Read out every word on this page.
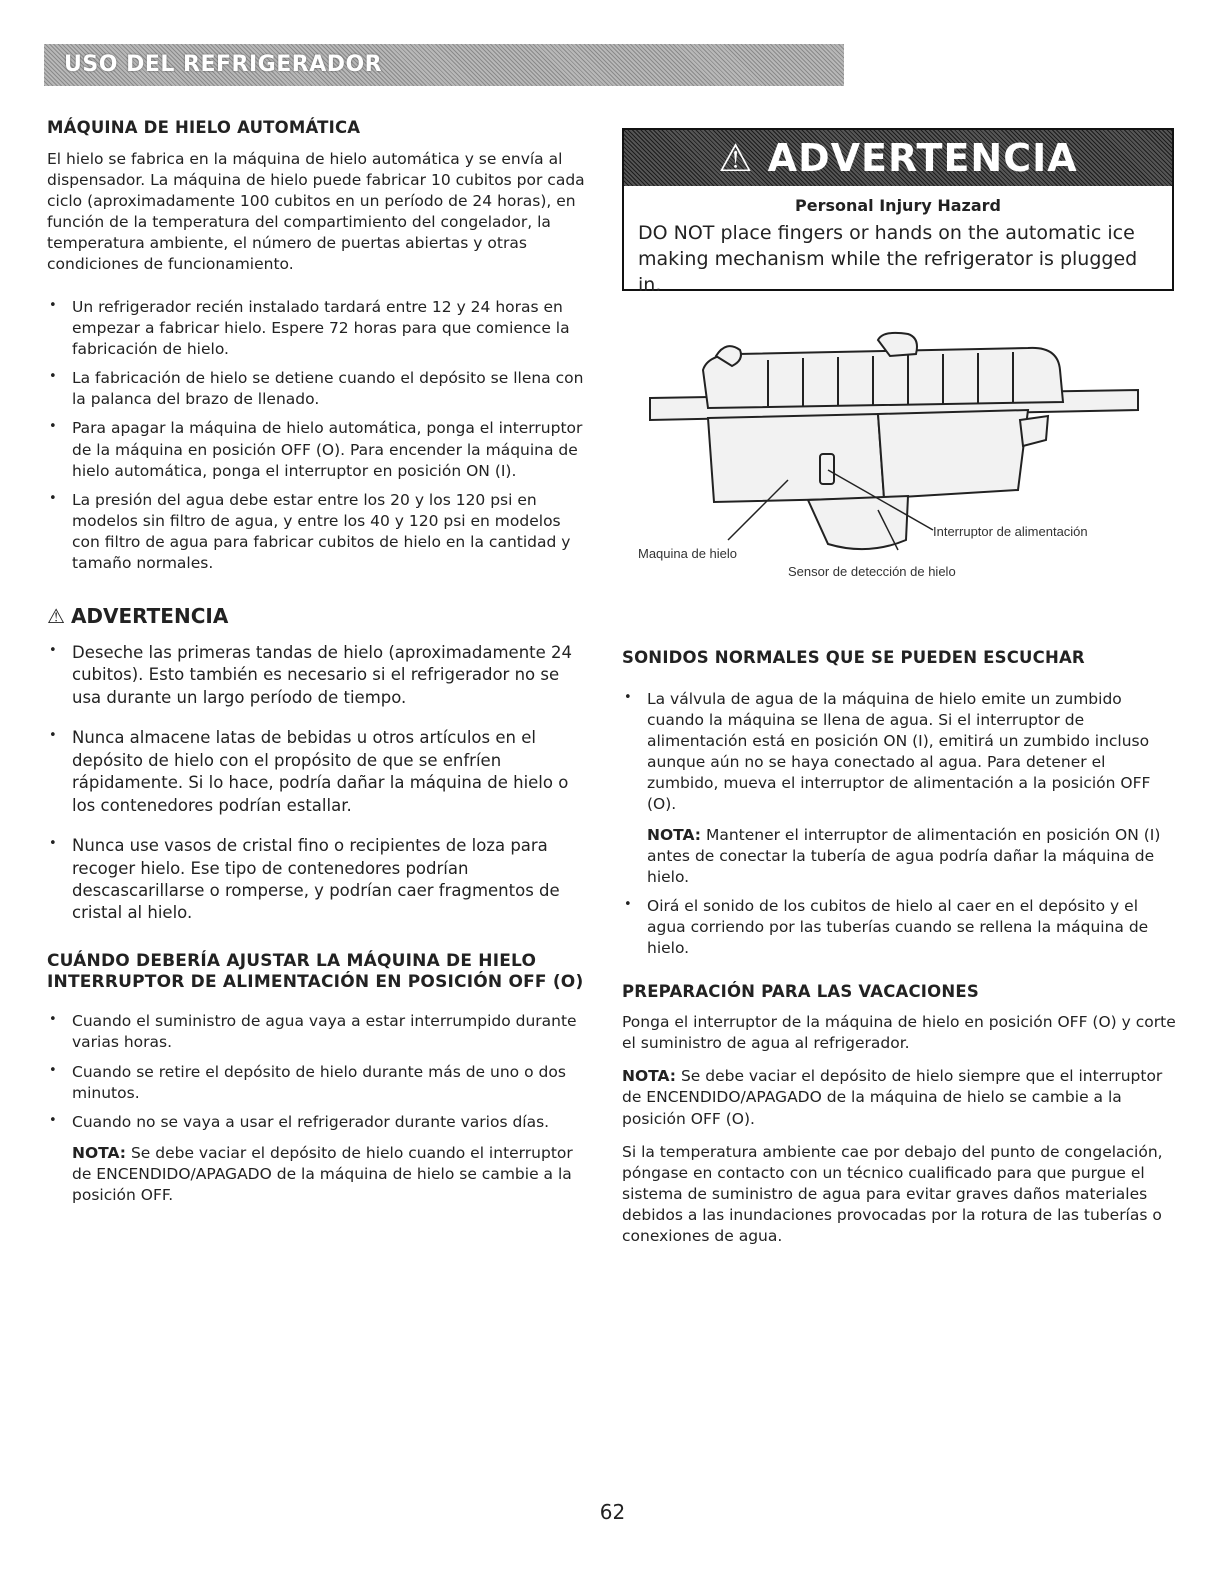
USO DEL REFRIGERADOR
MÁQUINA DE HIELO AUTOMÁTICA

El hielo se fabrica en la máquina de hielo automática y se envía al dispensador. La máquina de hielo puede fabricar 10 cubitos por cada ciclo (aproximadamente 100 cubitos en un período de 24 horas), en función de la temperatura del compartimiento del congelador, la temperatura ambiente, el número de puertas abiertas y otras condiciones de funcionamiento.

• Un refrigerador recién instalado tardará entre 12 y 24 horas en empezar a fabricar hielo. Espere 72 horas para que comience la fabricación de hielo.
• La fabricación de hielo se detiene cuando el depósito se llena con la palanca del brazo de llenado.
• Para apagar la máquina de hielo automática, ponga el interruptor de la máquina en posición OFF (O). Para encender la máquina de hielo automática, ponga el interruptor en posición ON (I).
• La presión del agua debe estar entre los 20 y los 120 psi en modelos sin filtro de agua, y entre los 40 y 120 psi en modelos con filtro de agua para fabricar cubitos de hielo en la cantidad y tamaño normales.
⚠ ADVERTENCIA
• Deseche las primeras tandas de hielo (aproximadamente 24 cubitos). Esto también es necesario si el refrigerador no se usa durante un largo período de tiempo.
• Nunca almacene latas de bebidas u otros artículos en el depósito de hielo con el propósito de que se enfríen rápidamente. Si lo hace, podría dañar la máquina de hielo o los contenedores podrían estallar.
• Nunca use vasos de cristal fino o recipientes de loza para recoger hielo. Ese tipo de contenedores podrían descascarillarse o romperse, y podrían caer fragmentos de cristal al hielo.
CUÁNDO DEBERÍA AJUSTAR LA MÁQUINA DE HIELO INTERRUPTOR DE ALIMENTACIÓN EN POSICIÓN OFF (O)
• Cuando el suministro de agua vaya a estar interrumpido durante varias horas.
• Cuando se retire el depósito de hielo durante más de uno o dos minutos.
• Cuando no se vaya a usar el refrigerador durante varios días.

NOTA: Se debe vaciar el depósito de hielo cuando el interruptor de ENCENDIDO/APAGADO de la máquina de hielo se cambie a la posición OFF.

⚠ ADVERTENCIA
Personal Injury Hazard
DO NOT place fingers or hands on the automatic ice making mechanism while the refrigerator is plugged in.
Maquina de hielo
Interruptor de alimentación
Sensor de detección de hielo
SONIDOS NORMALES QUE SE PUEDEN ESCUCHAR
• La válvula de agua de la máquina de hielo emite un zumbido cuando la máquina se llena de agua. Si el interruptor de alimentación está en posición ON (I), emitirá un zumbido incluso aunque aún no se haya conectado al agua. Para detener el zumbido, mueva el interruptor de alimentación a la posición OFF (O).
NOTA: Mantener el interruptor de alimentación en posición ON (I) antes de conectar la tubería de agua podría dañar la máquina de hielo.
• Oirá el sonido de los cubitos de hielo al caer en el depósito y el agua corriendo por las tuberías cuando se rellena la máquina de hielo.
PREPARACIÓN PARA LAS VACACIONES

Ponga el interruptor de la máquina de hielo en posición OFF (O) y corte el suministro de agua al refrigerador.

NOTA: Se debe vaciar el depósito de hielo siempre que el interruptor de ENCENDIDO/APAGADO de la máquina de hielo se cambie a la posición OFF (O).

Si la temperatura ambiente cae por debajo del punto de congelación, póngase en contacto con un técnico cualificado para que purgue el sistema de suministro de agua para evitar graves daños materiales debidos a las inundaciones provocadas por la rotura de las tuberías o conexiones de agua.

62
